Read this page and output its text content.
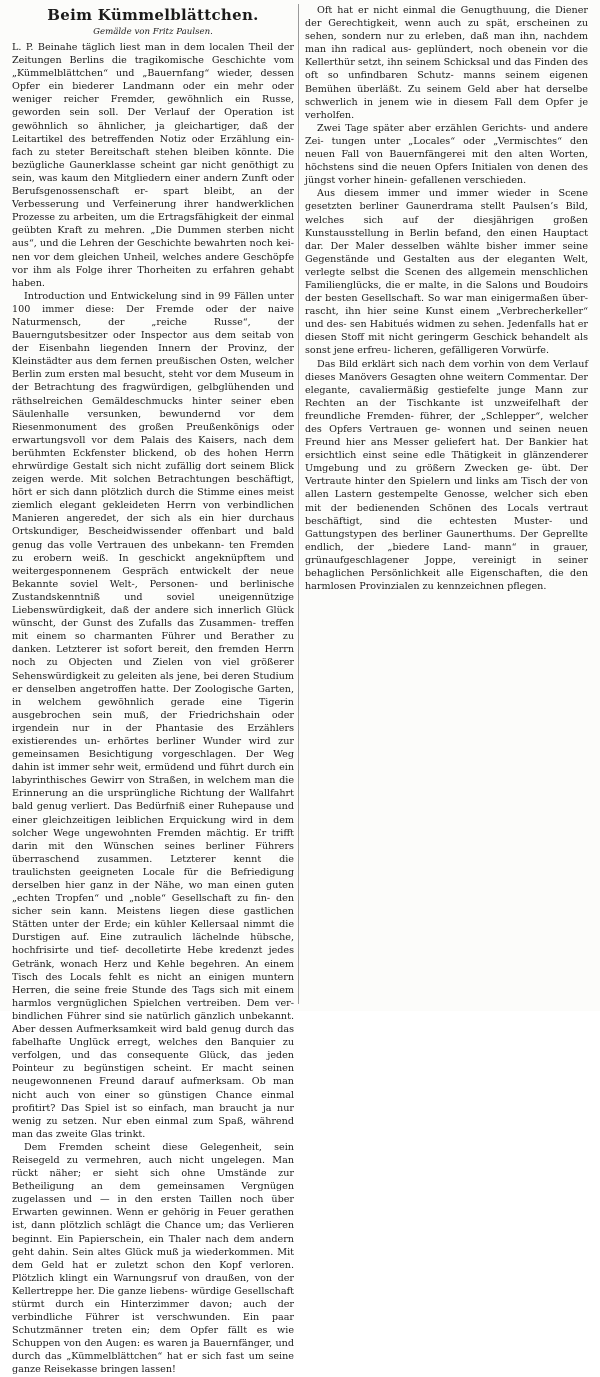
Beim Kümmelblättchen.
Gemälde von Fritz Paulsen.

L. P. Beinahe täglich liest man in dem localen Theil der Zeitungen Berlins die tragikomische Geschichte vom „Kümmelblättchen“ und „Bauernfang“ wieder, dessen Opfer ein biederer Landmann oder ein mehr oder weniger reicher Fremder, gewöhnlich ein Russe, geworden sein soll. Der Verlauf der Operation ist gewöhnlich so ähnlicher, ja gleichartiger, daß der Leitartikel des betreffenden Notiz oder Erzählung ein- fach zu steter Bereitschaft stehen bleiben könnte. Die bezügliche Gaunerklasse scheint gar nicht genöthigt zu sein, was kaum den Mitgliedern einer andern Zunft oder Berufsgenossenschaft er- spart bleibt, an der Verbesserung und Verfeinerung ihrer handwerklichen Prozesse zu arbeiten, um die Ertragsfähigkeit der einmal geübten Kraft zu mehren. „Die Dummen sterben nicht aus“, und die Lehren der Geschichte bewahrten noch kei- nen vor dem gleichen Unheil, welches andere Geschöpfe vor ihm als Folge ihrer Thorheiten zu erfahren gehabt haben.

Introduction und Entwickelung sind in 99 Fällen unter 100 immer diese: Der Fremde oder der naive Naturmensch, der „reiche Russe“, der Bauerngutsbesitzer oder Inspector aus dem seitab von der Eisenbahn liegenden Innern der Provinz, der Kleinstädter aus dem fernen preußischen Osten, welcher Berlin zum ersten mal besucht, steht vor dem Museum in der Betrachtung des fragwürdigen, gelbglühenden und räthselreichen Gemäldeschmucks hinter seiner eben Säulenhalle versunken, bewundernd vor dem Riesenmonument des großen Preußenkönigs oder erwartungsvoll vor dem Palais des Kaisers, nach dem berühmten Eckfenster blickend, ob des hohen Herrn ehrwürdige Gestalt sich nicht zufällig dort seinem Blick zeigen werde. Mit solchen Betrachtungen beschäftigt, hört er sich dann plötzlich durch die Stimme eines meist ziemlich elegant gekleideten Herrn von verbindlichen Manieren angeredet, der sich als ein hier durchaus Ortskundiger, Bescheidwissender offenbart und bald genug das volle Vertrauen des unbekann- ten Fremden zu erobern weiß. In geschickt angeknüpftem und weitergesponnenem Gespräch entwickelt der neue Bekannte soviel Welt-, Personen- und berlinische Zustandskenntniß und soviel uneigennützige Liebenswürdigkeit, daß der andere sich innerlich Glück wünscht, der Gunst des Zufalls das Zusammen- treffen mit einem so charmanten Führer und Berather zu danken. Letzterer ist sofort bereit, den fremden Herrn noch zu Objecten und Zielen von viel größerer Sehenswürdigkeit zu geleiten als jene, bei deren Studium er denselben angetroffen hatte. Der Zoologische Garten, in welchem gewöhnlich gerade eine Tigerin ausgebrochen sein muß, der Friedrichshain oder irgendein nur in der Phantasie des Erzählers existierendes un- erhörtes berliner Wunder wird zur gemeinsamen Besichtigung vorgeschlagen. Der Weg dahin ist immer sehr weit, ermüdend und führt durch ein labyrinthisches Gewirr von Straßen, in welchem man die Erinnerung an die ursprüngliche Richtung der Wallfahrt bald genug verliert. Das Bedürfniß einer Ruhepause und einer gleichzeitigen leiblichen Erquickung wird in dem solcher Wege ungewohnten Fremden mächtig. Er trifft darin mit den Wünschen seines berliner Führers überraschend zusammen. Letzterer kennt die traulichsten geeigneten Locale für die Befriedigung derselben hier ganz in der Nähe, wo man einen guten „echten Tropfen“ und „noble“ Gesellschaft zu fin- den sicher sein kann. Meistens liegen diese gastlichen Stätten unter der Erde; ein kühler Kellersaal nimmt die Durstigen auf. Eine zutraulich lächelnde hübsche, hochfrisirte und tief- decolletirte Hebe kredenzt jedes Getränk, wonach Herz und Kehle begehren. An einem Tisch des Locals fehlt es nicht an einigen muntern Herren, die seine freie Stunde des Tags sich mit einem harmlos vergnüglichen Spielchen vertreiben. Dem ver- bindlichen Führer sind sie natürlich gänzlich unbekannt. Aber dessen Aufmerksamkeit wird bald genug durch das fabelhafte Unglück erregt, welches den Banquier zu verfolgen, und das consequente Glück, das jeden Pointeur zu begünstigen scheint. Er macht seinen neugewonnenen Freund darauf aufmerksam. Ob man nicht auch von einer so günstigen Chance einmal profitirt? Das Spiel ist so einfach, man braucht ja nur wenig zu setzen. Nur eben einmal zum Spaß, während man das zweite Glas trinkt.

Dem Fremden scheint diese Gelegenheit, sein Reisegeld zu vermehren, auch nicht ungelegen. Man rückt näher; er sieht sich ohne Umstände zur Betheiligung an dem gemeinsamen Vergnügen zugelassen und — in den ersten Taillen noch über Erwarten gewinnen. Wenn er gehörig in Feuer gerathen ist, dann plötzlich schlägt die Chance um; das Verlieren beginnt. Ein Papierschein, ein Thaler nach dem andern geht dahin. Sein altes Glück muß ja wiederkommen. Mit dem Geld hat er zuletzt schon den Kopf verloren. Plötzlich klingt ein Warnungsruf von draußen, von der Kellertreppe her. Die ganze liebens- würdige Gesellschaft stürmt durch ein Hinterzimmer davon; auch der verbindliche Führer ist verschwunden. Ein paar Schutzmänner treten ein; dem Opfer fällt es wie Schuppen von den Augen: es waren ja Bauernfänger, und durch das „Kümmelblättchen“ hat er sich fast um seine ganze Reisekasse bringen lassen!

Oft hat er nicht einmal die Genugthuung, die Diener der Gerechtigkeit, wenn auch zu spät, erscheinen zu sehen, sondern nur zu erleben, daß man ihn, nachdem man ihn radical aus- geplündert, noch obenein vor die Kellerthür setzt, ihn seinem Schicksal und das Finden des oft so unfindbaren Schutz- manns seinem eigenen Bemühen überläßt. Zu seinem Geld aber hat derselbe schwerlich in jenem wie in diesem Fall dem Opfer je verholfen.

Zwei Tage später aber erzählen Gerichts- und andere Zei- tungen unter „Locales“ oder „Vermischtes“ den neuen Fall von Bauernfängerei mit den alten Worten, höchstens sind die neuen Opfers Initialen von denen des jüngst vorher hinein- gefallenen verschieden.

Aus diesem immer und immer wieder in Scene gesetzten berliner Gaunerdrama stellt Paulsen’s Bild, welches sich auf der diesjährigen großen Kunstausstellung in Berlin befand, den einen Hauptact dar. Der Maler desselben wählte bisher immer seine Gegenstände und Gestalten aus der eleganten Welt, verlegte selbst die Scenen des allgemein menschlichen Familienglücks, die er malte, in die Salons und Boudoirs der besten Gesellschaft. So war man einigermaßen über- rascht, ihn hier seine Kunst einem „Verbrecherkeller“ und des- sen Habitués widmen zu sehen. Jedenfalls hat er diesen Stoff mit nicht geringerm Geschick behandelt als sonst jene erfreu- licheren, gefälligeren Vorwürfe.

Das Bild erklärt sich nach dem vorhin von dem Verlauf dieses Manövers Gesagten ohne weitern Commentar. Der elegante, cavaliermäßig gestiefelte junge Mann zur Rechten an der Tischkante ist unzweifelhaft der freundliche Fremden- führer, der „Schlepper“, welcher des Opfers Vertrauen ge- wonnen und seinen neuen Freund hier ans Messer geliefert hat. Der Bankier hat ersichtlich einst seine edle Thätigkeit in glänzenderer Umgebung und zu größern Zwecken ge- übt. Der Vertraute hinter den Spielern und links am Tisch der von allen Lastern gestempelte Genosse, welcher sich eben mit der bedienenden Schönen des Locals vertraut beschäftigt, sind die echtesten Muster- und Gattungstypen des berliner Gaunerthums. Der Geprellte endlich, der „biedere Land- mann“ in grauer, grünaufgeschlagener Joppe, vereinigt in seiner behaglichen Persönlichkeit alle Eigenschaften, die den harmlosen Provinzialen zu kennzeichnen pflegen.
